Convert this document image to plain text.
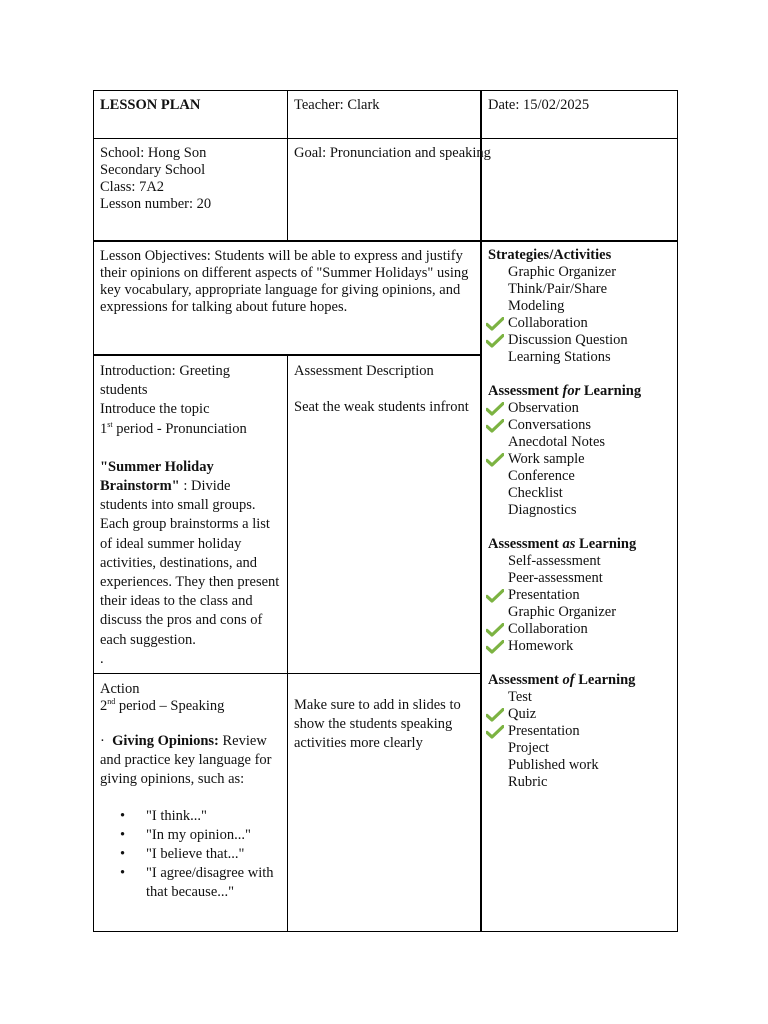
LESSON PLAN	Teacher: Clark	Date: 15/02/2025
School: Hong Son
Secondary School
Class: 7A2
Lesson number: 20
Goal: Pronunciation and speaking
Lesson Objectives: Students will be able to express and justify their opinions on different aspects of "Summer Holidays" using key vocabulary, appropriate language for giving opinions, and expressions for talking about future hopes.
Introduction: Greeting students
Introduce the topic
1st period - Pronunciation
"Summer Holiday Brainstorm" : Divide students into small groups. Each group brainstorms a list of ideal summer holiday activities, destinations, and experiences. They then present their ideas to the class and discuss the pros and cons of each suggestion.
.
Assessment Description
Seat the weak students infront
Action
2nd period – Speaking
· Giving Opinions: Review and practice key language for giving opinions, such as:
• "I think..."
• "In my opinion..."
• "I believe that..."
• "I agree/disagree with that because..."
Make sure to add in slides to show the students speaking activities more clearly
Strategies/Activities
Graphic Organizer
Think/Pair/Share
Modeling
Collaboration
Discussion Question
Learning Stations
Assessment for Learning
Observation
Conversations
Anecdotal Notes
Work sample
Conference
Checklist
Diagnostics
Assessment as Learning
Self-assessment
Peer-assessment
Presentation
Graphic Organizer
Collaboration
Homework
Assessment of Learning
Test
Quiz
Presentation
Project
Published work
Rubric
